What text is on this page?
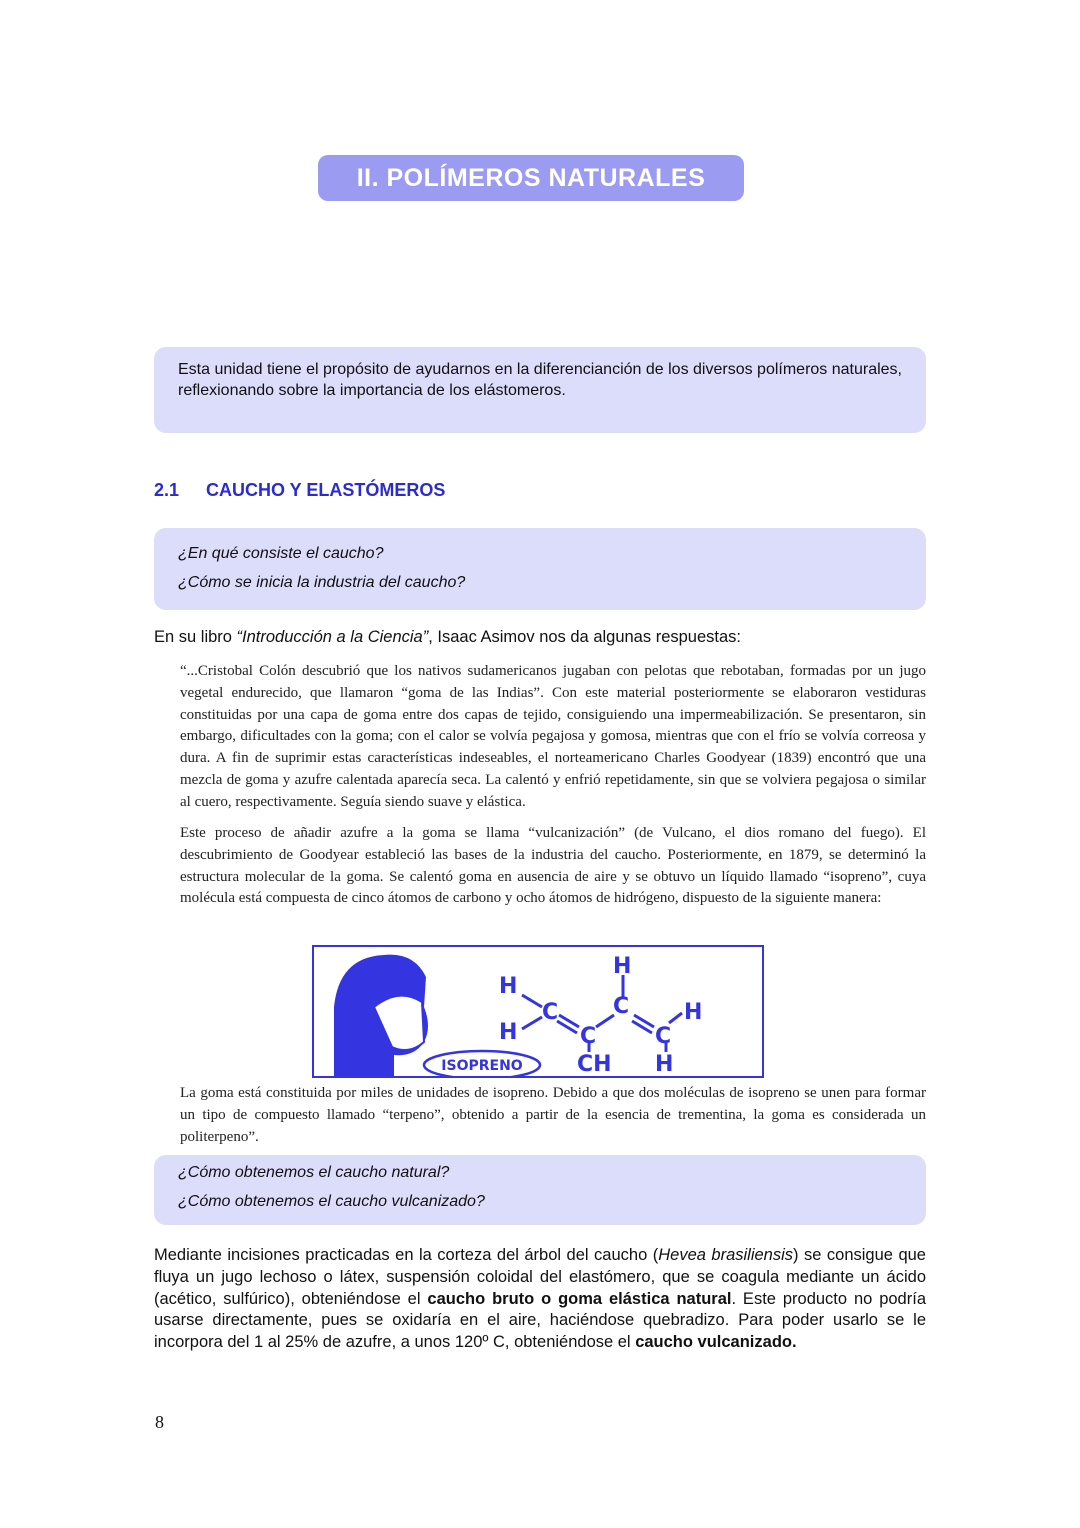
II. POLÍMEROS NATURALES
Esta unidad tiene el propósito de ayudarnos en la diferencianción de los diversos polímeros naturales, reflexionando sobre la importancia de los elástomeros.
2.1 CAUCHO Y ELASTÓMEROS
¿En qué consiste el caucho?
¿Cómo se inicia la industria del caucho?
En su libro “Introducción a la Ciencia”, Isaac Asimov nos da algunas respuestas:
“...Cristobal Colón descubrió que los nativos sudamericanos jugaban con pelotas que rebotaban, formadas por un jugo vegetal endurecido, que llamaron “goma de las Indias”. Con este material posteriormente se elaboraron vestiduras constituidas por una capa de goma entre dos capas de tejido, consiguiendo una impermeabilización. Se presentaron, sin embargo, dificultades con la goma; con el calor se volvía pegajosa y gomosa, mientras que con el frío se volvía correosa y dura. A fin de suprimir estas características indeseables, el norteamericano Charles Goodyear (1839) encontró que una mezcla de goma y azufre calentada aparecía seca. La calentó y enfrió repetidamente, sin que se volviera pegajosa o similar al cuero, respectivamente. Seguía siendo suave y elástica.
Este proceso de añadir azufre a la goma se llama “vulcanización” (de Vulcano, el dios romano del fuego). El descubrimiento de Goodyear estableció las bases de la industria del caucho. Posteriormente, en 1879, se determinó la estructura molecular de la goma. Se calentó goma en ausencia de aire y se obtuvo un líquido llamado “isopreno”, cuya molécula está compuesta de cinco átomos de carbono y ocho átomos de hidrógeno, dispuesto de la siguiente manera:
ISOPRENO
H
H
C
C
CH
H
C
C
H
H
La goma está constituida por miles de unidades de isopreno. Debido a que dos moléculas de isopreno se unen para formar un tipo de compuesto llamado “terpeno”, obtenido a partir de la esencia de trementina, la goma es considerada un politerpeno”.
¿Cómo obtenemos el caucho natural?
¿Cómo obtenemos el caucho vulcanizado?
Mediante incisiones practicadas en la corteza del árbol del caucho (Hevea brasiliensis) se consigue que fluya un jugo lechoso o látex, suspensión coloidal del elastómero, que se coagula mediante un ácido (acético, sulfúrico), obteniéndose el caucho bruto o goma elástica natural. Este producto no podría usarse directamente, pues se oxidaría en el aire, haciéndose quebradizo. Para poder usarlo se le incorpora del 1 al 25% de azufre, a unos 120º C, obteniéndose el caucho vulcanizado.
8
